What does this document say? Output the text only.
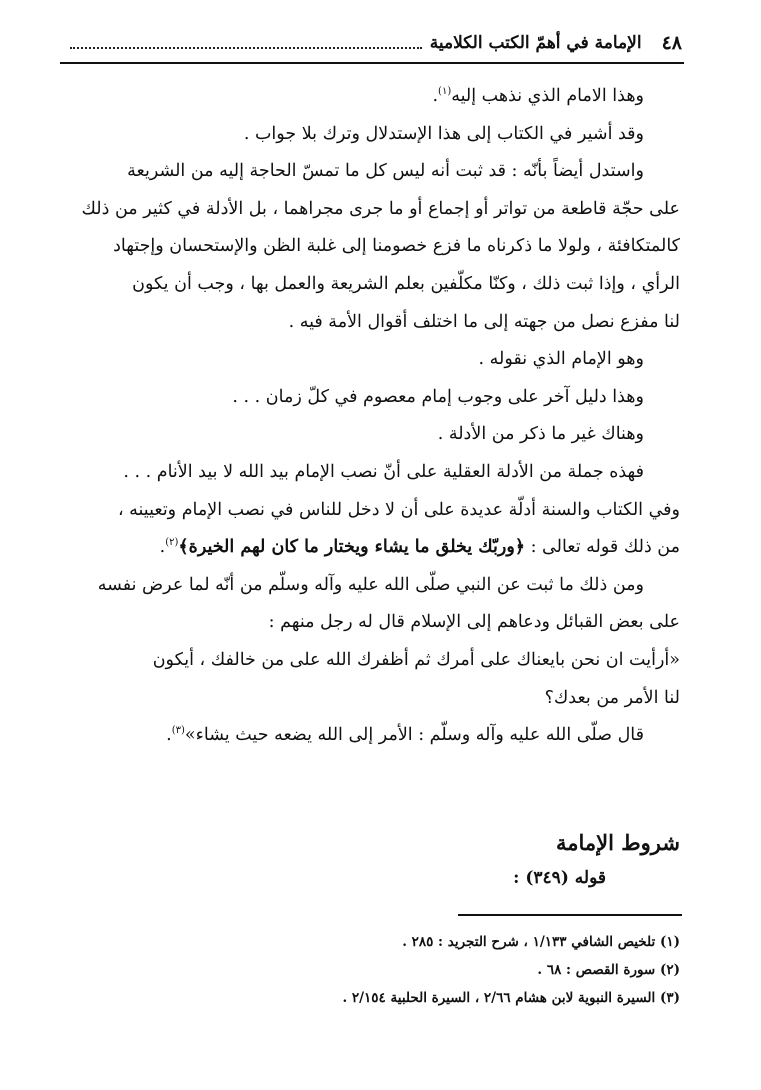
٤٨
الإمامة في أهمّ الكتب الكلامية
وهذا الامام الذي نذهب إليه$^{(١)}$.
وقد أشير في الكتاب إلى هذا الإستدلال وترك بلا جواب .
واستدل أيضاً بأنّه : قد ثبت أنه ليس كل ما تمسّ الحاجة إليه من الشريعة
على حجّة قاطعة من تواتر أو إجماع أو ما جرى مجراهما ، بل الأدلة في كثير من ذلك
كالمتكافئة ، ولولا ما ذكرناه ما فزع خصومنا إلى غلبة الظن والإستحسان وإجتهاد
الرأي ، وإذا ثبت ذلك ، وكنّا مكلّفين بعلم الشريعة والعمل بها ، وجب أن يكون
لنا مفزع نصل من جهته إلى ما اختلف أقوال الأمة فيه .
وهو الإمام الذي نقوله .
وهذا دليل آخر على وجوب إمام معصوم في كلّ زمان . . .
وهناك غير ما ذكر من الأدلة .
فهذه جملة من الأدلة العقلية على أنّ نصب الإمام بيد الله لا بيد الأنام . . .
وفي الكتاب والسنة أدلّة عديدة على أن لا دخل للناس في نصب الإمام وتعيينه ،
من ذلك قوله تعالى : ﴿وربّك يخلق ما يشاء ويختار ما كان لهم الخيرة﴾$^{(٢)}$.
ومن ذلك ما ثبت عن النبي صلّى الله عليه وآله وسلّم من أنّه لما عرض نفسه
على بعض القبائل ودعاهم إلى الإسلام قال له رجل منهم :
«أرأيت ان نحن بايعناك على أمرك ثم أظفرك الله على من خالفك ، أيكون
لنا الأمر من بعدك؟
قال صلّى الله عليه وآله وسلّم : الأمر إلى الله يضعه حيث يشاء»$^{(٣)}$.
شروط الإمامة
قوله (٣٤٩) :
(١) تلخيص الشافي ١/١٣٣ ، شرح التجريد : ٢٨٥ .
(٢) سورة القصص : ٦٨ .
(٣) السيرة النبوية لابن هشام ٢/٦٦ ، السيرة الحلبية ٢/١٥٤ .
